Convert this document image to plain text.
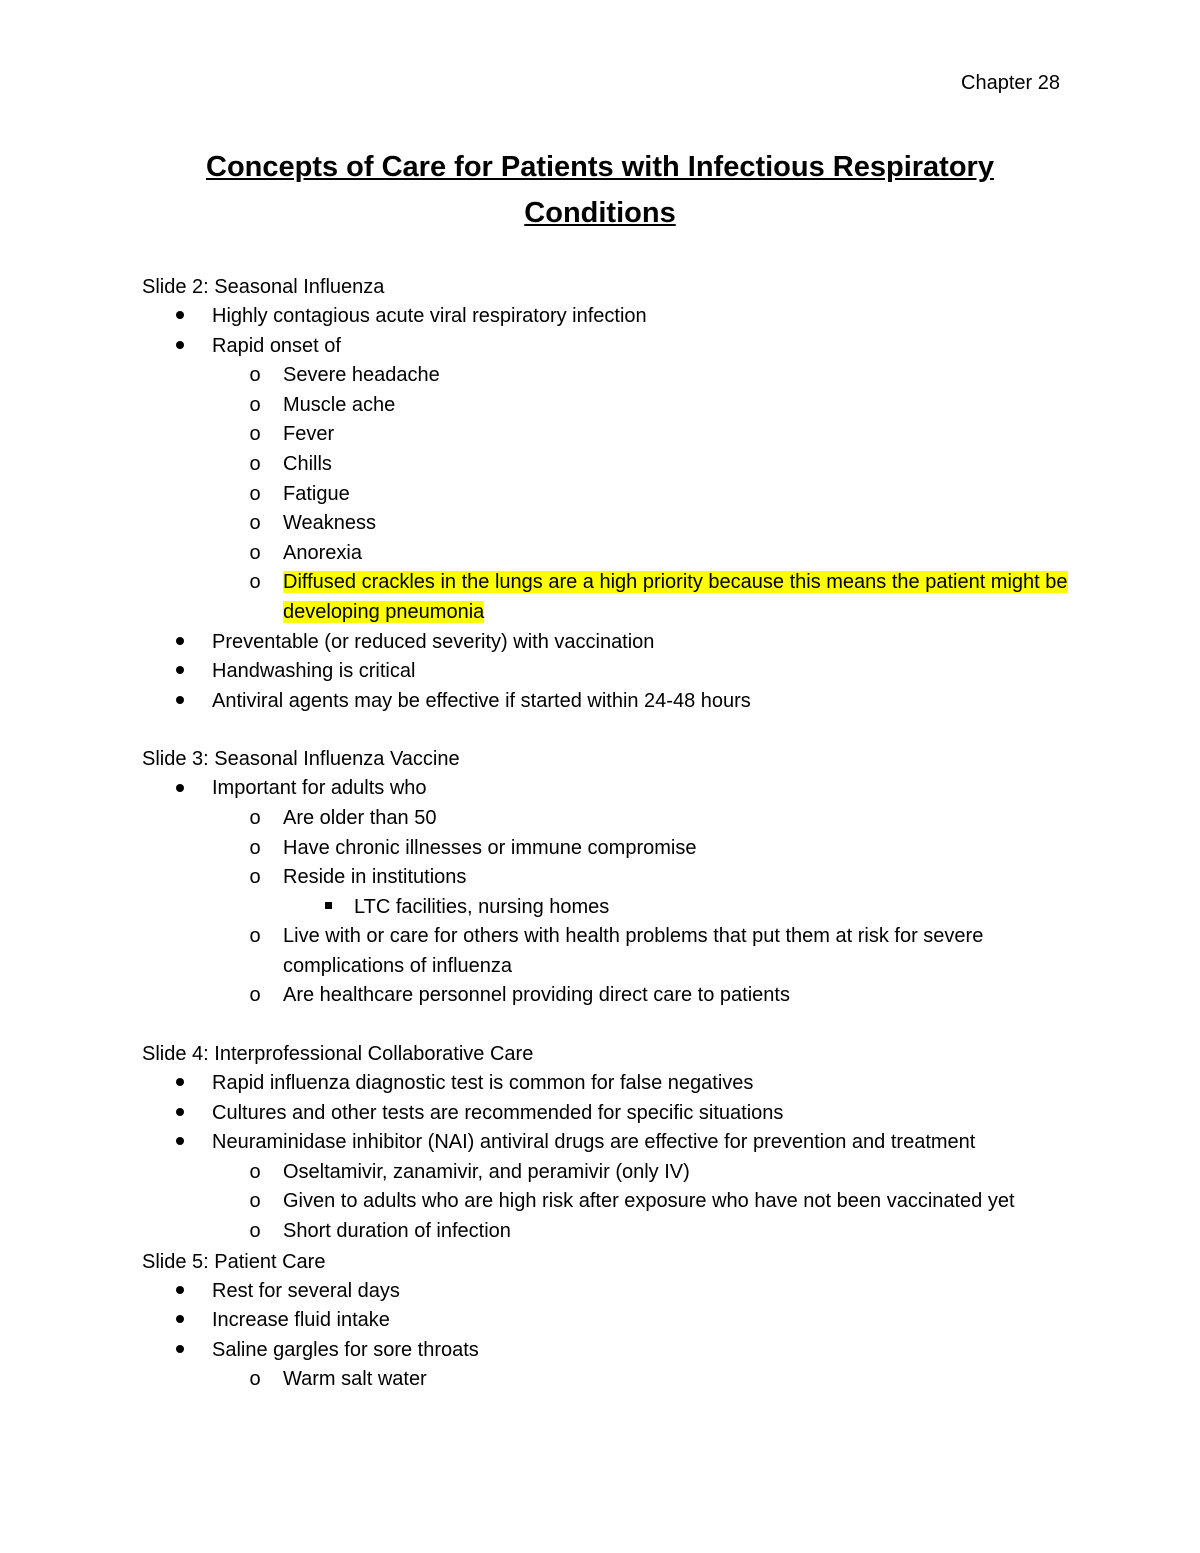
Chapter 28
Concepts of Care for Patients with Infectious Respiratory Conditions
Slide 2: Seasonal Influenza
Highly contagious acute viral respiratory infection
Rapid onset of
o Severe headache
o Muscle ache
o Fever
o Chills
o Fatigue
o Weakness
o Anorexia
o Diffused crackles in the lungs are a high priority because this means the patient might be developing pneumonia
Preventable (or reduced severity) with vaccination
Handwashing is critical
Antiviral agents may be effective if started within 24-48 hours
Slide 3: Seasonal Influenza Vaccine
Important for adults who
o Are older than 50
o Have chronic illnesses or immune compromise
o Reside in institutions
LTC facilities, nursing homes
o Live with or care for others with health problems that put them at risk for severe complications of influenza
o Are healthcare personnel providing direct care to patients
Slide 4: Interprofessional Collaborative Care
Rapid influenza diagnostic test is common for false negatives
Cultures and other tests are recommended for specific situations
Neuraminidase inhibitor (NAI) antiviral drugs are effective for prevention and treatment
o Oseltamivir, zanamivir, and peramivir (only IV)
o Given to adults who are high risk after exposure who have not been vaccinated yet
o Short duration of infection
Slide 5: Patient Care
Rest for several days
Increase fluid intake
Saline gargles for sore throats
o Warm salt water
